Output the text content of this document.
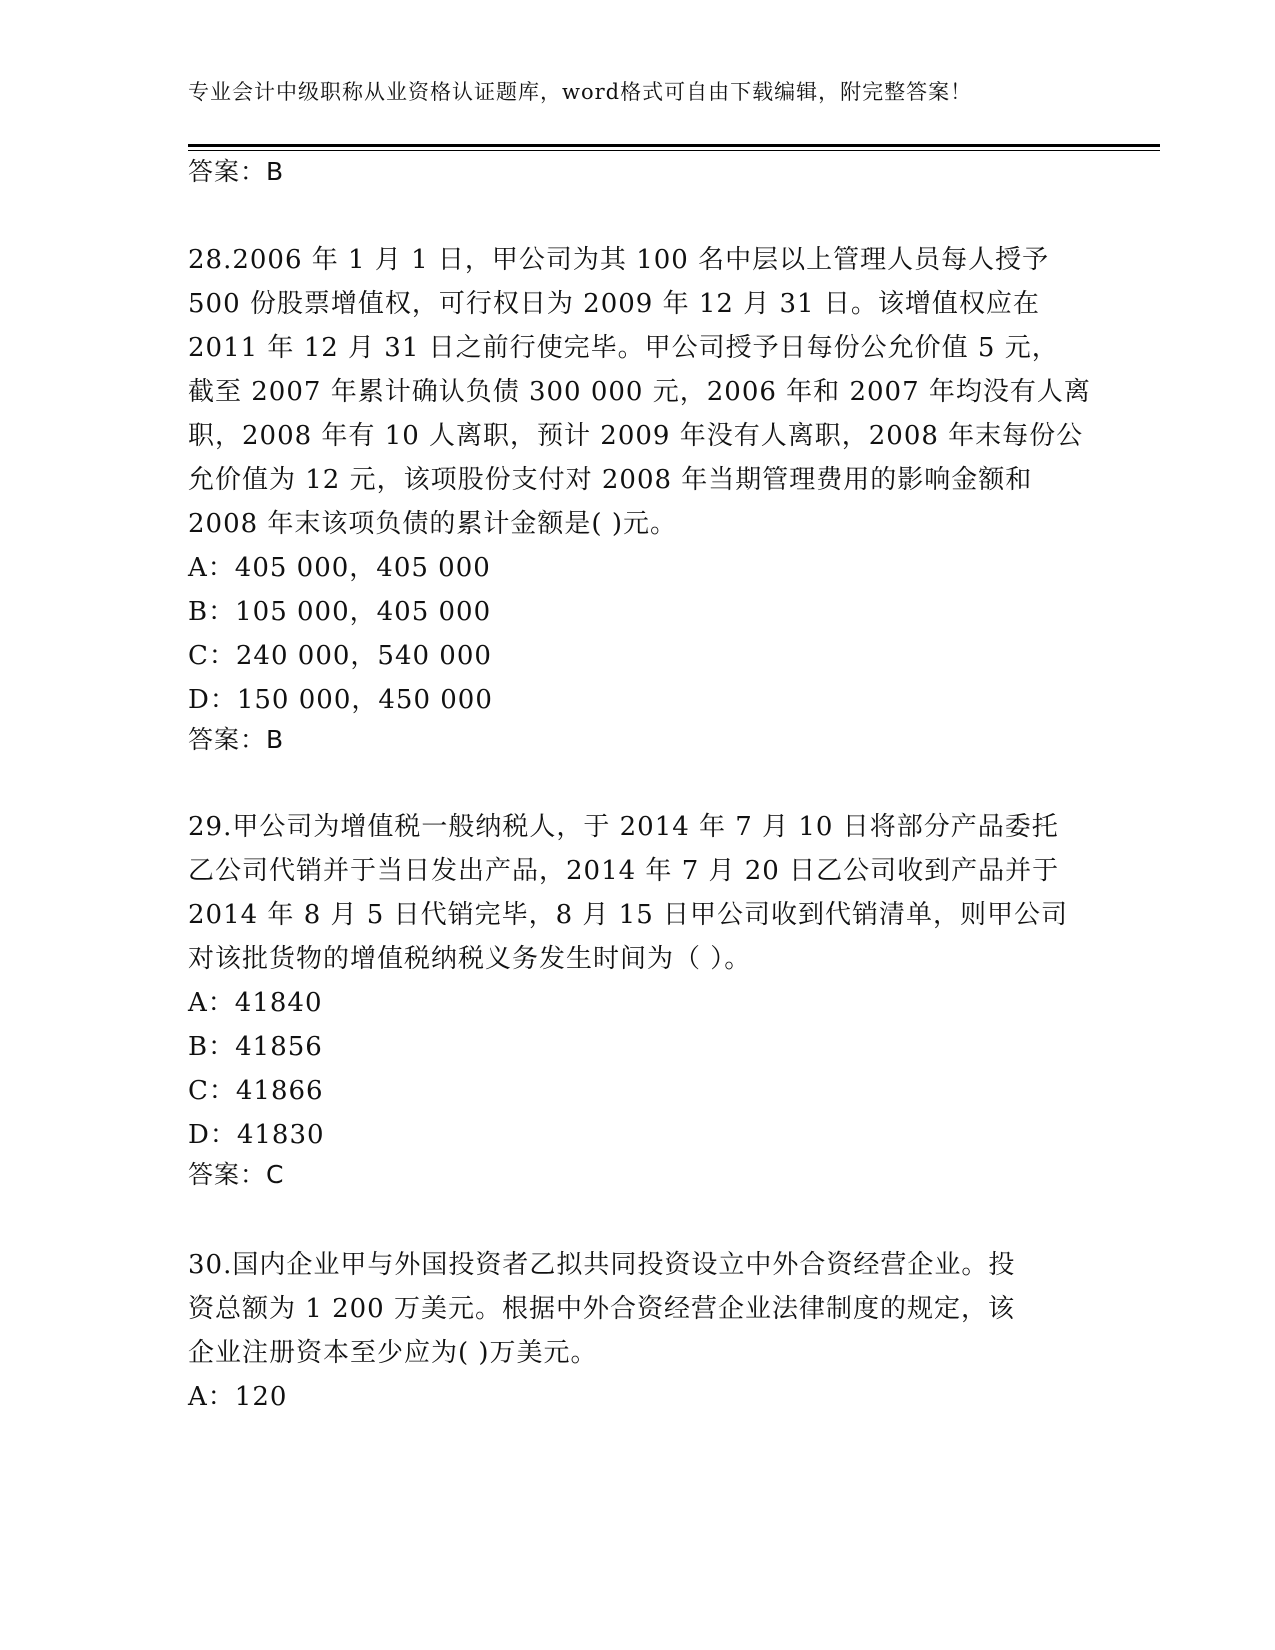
专业会计中级职称从业资格认证题库，word格式可自由下载编辑，附完整答案！
答案：B
28.2006 年 1 月 1 日，甲公司为其 100 名中层以上管理人员每人授予
500 份股票增值权，可行权日为 2009 年 12 月 31 日。该增值权应在
2011 年 12 月 31 日之前行使完毕。甲公司授予日每份公允价值 5 元，
截至 2007 年累计确认负债 300 000 元，2006 年和 2007 年均没有人离
职，2008 年有 10 人离职，预计 2009 年没有人离职，2008 年末每份公
允价值为 12 元，该项股份支付对 2008 年当期管理费用的影响金额和
2008 年末该项负债的累计金额是( )元。
A：405 000，405 000
B：105 000，405 000
C：240 000，540 000
D：150 000，450 000
答案：B
29.甲公司为增值税一般纳税人，于 2014 年 7 月 10 日将部分产品委托
乙公司代销并于当日发出产品，2014 年 7 月 20 日乙公司收到产品并于
2014 年 8 月 5 日代销完毕，8 月 15 日甲公司收到代销清单，则甲公司
对该批货物的增值税纳税义务发生时间为（ ）。
A：41840
B：41856
C：41866
D：41830
答案：C
30.国内企业甲与外国投资者乙拟共同投资设立中外合资经营企业。投
资总额为 1 200 万美元。根据中外合资经营企业法律制度的规定，该
企业注册资本至少应为( )万美元。
A：120
